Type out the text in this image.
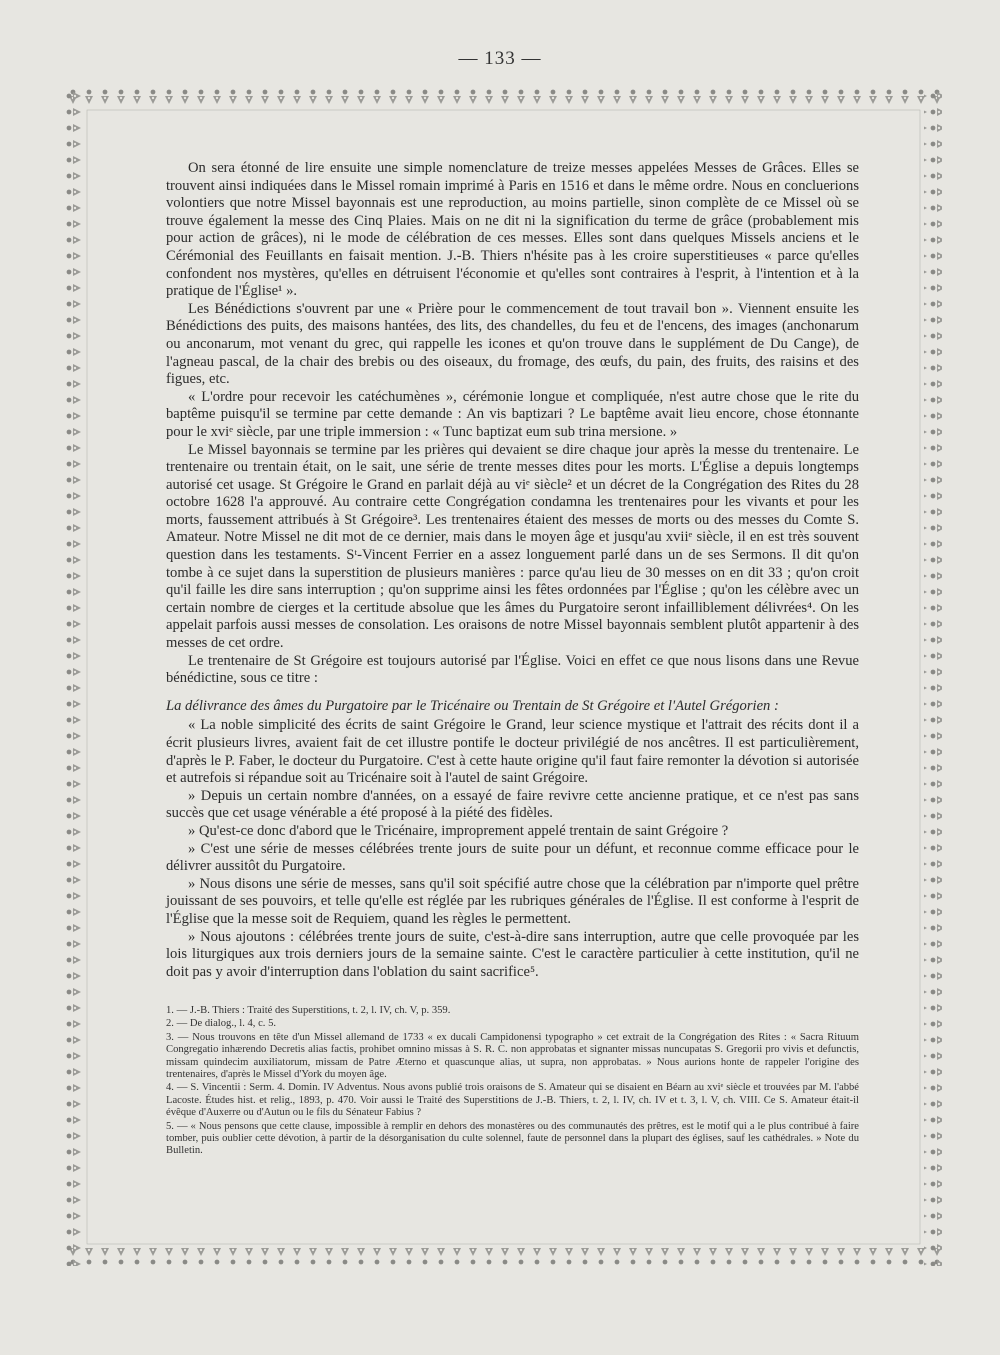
— 133 —

On sera étonné de lire ensuite une simple nomenclature de treize messes appelées Messes de Grâces. Elles se trouvent ainsi indiquées dans le Missel romain imprimé à Paris en 1516 et dans le même ordre. Nous en concluerions volontiers que notre Missel bayonnais est une reproduction, au moins partielle, sinon complète de ce Missel où se trouve également la messe des Cinq Plaies. Mais on ne dit ni la signification du terme de grâce (probablement mis pour action de grâces), ni le mode de célébration de ces messes. Elles sont dans quelques Missels anciens et le Cérémonial des Feuillants en faisait mention. J.-B. Thiers n'hésite pas à les croire superstitieuses « parce qu'elles confondent nos mystères, qu'elles en détruisent l'économie et qu'elles sont contraires à l'esprit, à l'intention et à la pratique de l'Église¹ ».

Les Bénédictions s'ouvrent par une « Prière pour le commencement de tout travail bon ». Viennent ensuite les Bénédictions des puits, des maisons hantées, des lits, des chandelles, du feu et de l'encens, des images (anchonarum ou anconarum, mot venant du grec, qui rappelle les icones et qu'on trouve dans le supplément de Du Cange), de l'agneau pascal, de la chair des brebis ou des oiseaux, du fromage, des œufs, du pain, des fruits, des raisins et des figues, etc.

« L'ordre pour recevoir les catéchumènes », cérémonie longue et compliquée, n'est autre chose que le rite du baptême puisqu'il se termine par cette demande : An vis baptizari ? Le baptême avait lieu encore, chose étonnante pour le xviᵉ siècle, par une triple immersion : « Tunc baptizat eum sub trina mersione. »

Le Missel bayonnais se termine par les prières qui devaient se dire chaque jour après la messe du trentenaire. Le trentenaire ou trentain était, on le sait, une série de trente messes dites pour les morts. L'Église a depuis longtemps autorisé cet usage. St Grégoire le Grand en parlait déjà au viᵉ siècle² et un décret de la Congrégation des Rites du 28 octobre 1628 l'a approuvé. Au contraire cette Congrégation condamna les trentenaires pour les vivants et pour les morts, faussement attribués à St Grégoire³. Les trentenaires étaient des messes de morts ou des messes du Comte S. Amateur. Notre Missel ne dit mot de ce dernier, mais dans le moyen âge et jusqu'au xviiᵉ siècle, il en est très souvent question dans les testaments. Sᵗ-Vincent Ferrier en a assez longuement parlé dans un de ses Sermons. Il dit qu'on tombe à ce sujet dans la superstition de plusieurs manières : parce qu'au lieu de 30 messes on en dit 33 ; qu'on croit qu'il faille les dire sans interruption ; qu'on supprime ainsi les fêtes ordonnées par l'Église ; qu'on les célèbre avec un certain nombre de cierges et la certitude absolue que les âmes du Purgatoire seront infailliblement délivrées⁴. On les appelait parfois aussi messes de consolation. Les oraisons de notre Missel bayonnais semblent plutôt appartenir à des messes de cet ordre.

Le trentenaire de St Grégoire est toujours autorisé par l'Église. Voici en effet ce que nous lisons dans une Revue bénédictine, sous ce titre :

La délivrance des âmes du Purgatoire par le Tricénaire ou Trentain de St Grégoire et l'Autel Grégorien :

« La noble simplicité des écrits de saint Grégoire le Grand, leur science mystique et l'attrait des récits dont il a écrit plusieurs livres, avaient fait de cet illustre pontife le docteur privilégié de nos ancêtres. Il est particulièrement, d'après le P. Faber, le docteur du Purgatoire. C'est à cette haute origine qu'il faut faire remonter la dévotion si autorisée et autrefois si répandue soit au Tricénaire soit à l'autel de saint Grégoire.

» Depuis un certain nombre d'années, on a essayé de faire revivre cette ancienne pratique, et ce n'est pas sans succès que cet usage vénérable a été proposé à la piété des fidèles.

» Qu'est-ce donc d'abord que le Tricénaire, improprement appelé trentain de saint Grégoire ?

» C'est une série de messes célébrées trente jours de suite pour un défunt, et reconnue comme efficace pour le délivrer aussitôt du Purgatoire.

» Nous disons une série de messes, sans qu'il soit spécifié autre chose que la célébration par n'importe quel prêtre jouissant de ses pouvoirs, et telle qu'elle est réglée par les rubriques générales de l'Église. Il est conforme à l'esprit de l'Église que la messe soit de Requiem, quand les règles le permettent.

» Nous ajoutons : célébrées trente jours de suite, c'est-à-dire sans interruption, autre que celle provoquée par les lois liturgiques aux trois derniers jours de la semaine sainte. C'est le caractère particulier à cette institution, qu'il ne doit pas y avoir d'interruption dans l'oblation du saint sacrifice⁵.

1. — J.-B. Thiers : Traité des Superstitions, t. 2, l. IV, ch. V, p. 359.

2. — De dialog., l. 4, c. 5.

3. — Nous trouvons en tête d'un Missel allemand de 1733 « ex ducali Campidonensi typographo » cet extrait de la Congrégation des Rites : « Sacra Rituum Congregatio inhærendo Decretis alias factis, prohibet omnino missas à S. R. C. non approbatas et signanter missas nuncupatas S. Gregorii pro vivis et defunctis, missam quindecim auxiliatorum, missam de Patre Æterno et quascunque alias, ut supra, non approbatas. » Nous aurions honte de rappeler l'origine des trentenaires, d'après le Missel d'York du moyen âge.

4. — S. Vincentii : Serm. 4. Domin. IV Adventus. Nous avons publié trois oraisons de S. Amateur qui se disaient en Béarn au xviᵉ siècle et trouvées par M. l'abbé Lacoste. Études hist. et relig., 1893, p. 470. Voir aussi le Traité des Superstitions de J.-B. Thiers, t. 2, l. IV, ch. IV et t. 3, l. V, ch. VIII. Ce S. Amateur était-il évêque d'Auxerre ou d'Autun ou le fils du Sénateur Fabius ?

5. — « Nous pensons que cette clause, impossible à remplir en dehors des monastères ou des communautés des prêtres, est le motif qui a le plus contribué à faire tomber, puis oublier cette dévotion, à partir de la désorganisation du culte solennel, faute de personnel dans la plupart des églises, sauf les cathédrales. » Note du Bulletin.
